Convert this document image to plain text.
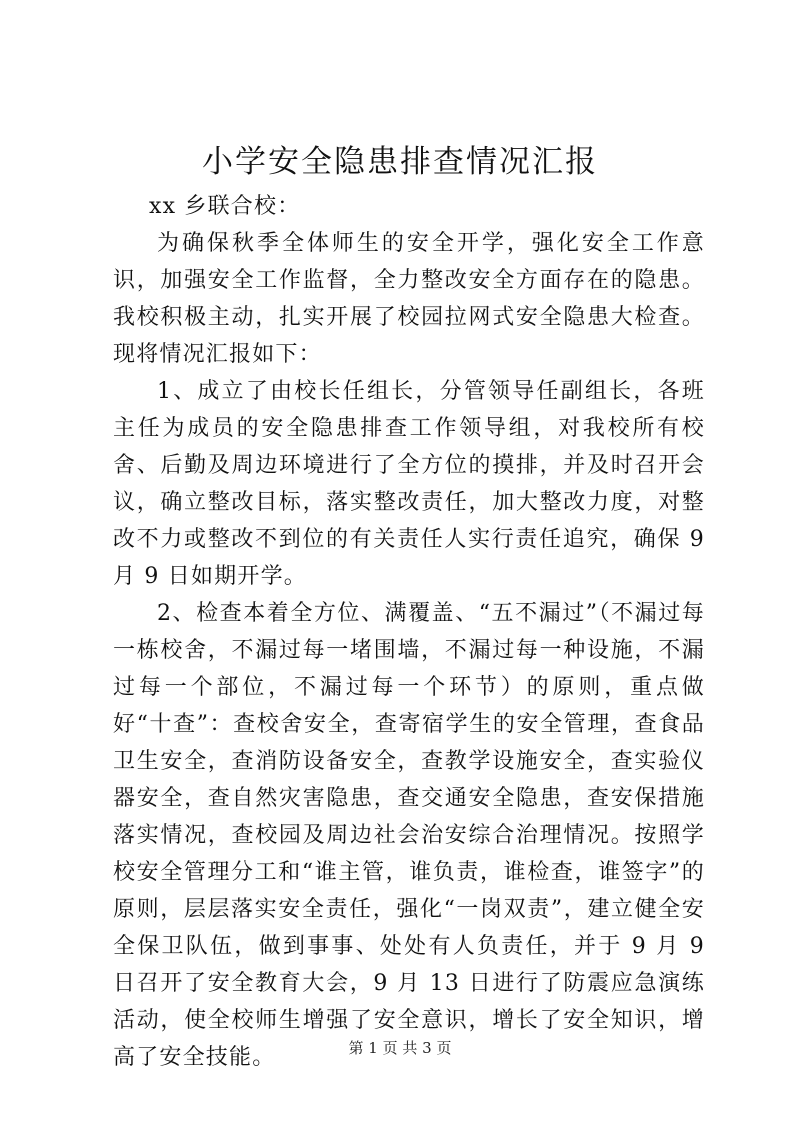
小学安全隐患排查情况汇报

xx 乡联合校：

为确保秋季全体师生的安全开学，强化安全工作意识，加强安全工作监督，全力整改安全方面存在的隐患。我校积极主动，扎实开展了校园拉网式安全隐患大检查。现将情况汇报如下：

1、成立了由校长任组长，分管领导任副组长，各班主任为成员的安全隐患排查工作领导组，对我校所有校舍、后勤及周边环境进行了全方位的摸排，并及时召开会议，确立整改目标，落实整改责任，加大整改力度，对整改不力或整改不到位的有关责任人实行责任追究，确保 9 月 9 日如期开学。

2、检查本着全方位、满覆盖、“五不漏过”（不漏过每一栋校舍，不漏过每一堵围墙，不漏过每一种设施，不漏过每一个部位，不漏过每一个环节）的原则，重点做好“十查”：查校舍安全，查寄宿学生的安全管理，查食品卫生安全，查消防设备安全，查教学设施安全，查实验仪器安全，查自然灾害隐患，查交通安全隐患，查安保措施落实情况，查校园及周边社会治安综合治理情况。按照学校安全管理分工和“谁主管，谁负责，谁检查，谁签字”的原则，层层落实安全责任，强化“一岗双责”，建立健全安全保卫队伍，做到事事、处处有人负责任，并于 9 月 9 日召开了安全教育大会，9 月 13 日进行了防震应急演练活动，使全校师生增强了安全意识，增长了安全知识，增高了安全技能。	第 1 页 共 3 页
